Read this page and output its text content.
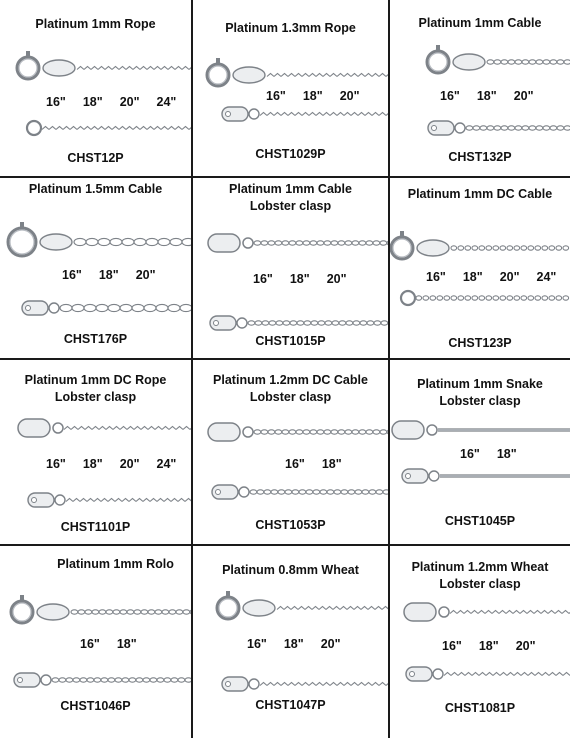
Platinum 1mm Rope
16" 18" 20" 24"
CHST12P
Platinum 1.3mm Rope
16" 18" 20"
CHST1029P
Platinum 1mm Cable
16" 18" 20"
CHST132P
Platinum 1.5mm Cable
16" 18" 20"
CHST176P
Platinum 1mm Cable
Lobster clasp
16" 18" 20"
CHST1015P
Platinum 1mm DC Cable
16" 18" 20" 24"
CHST123P
Platinum 1mm DC Rope
Lobster clasp
16" 18" 20" 24"
CHST1101P
Platinum 1.2mm DC Cable
Lobster clasp
16" 18"
CHST1053P
Platinum 1mm Snake
Lobster clasp
16" 18"
CHST1045P
Platinum 1mm Rolo
16" 18"
CHST1046P
Platinum 0.8mm Wheat
16" 18" 20"
CHST1047P
Platinum 1.2mm Wheat
Lobster clasp
16" 18" 20"
CHST1081P
